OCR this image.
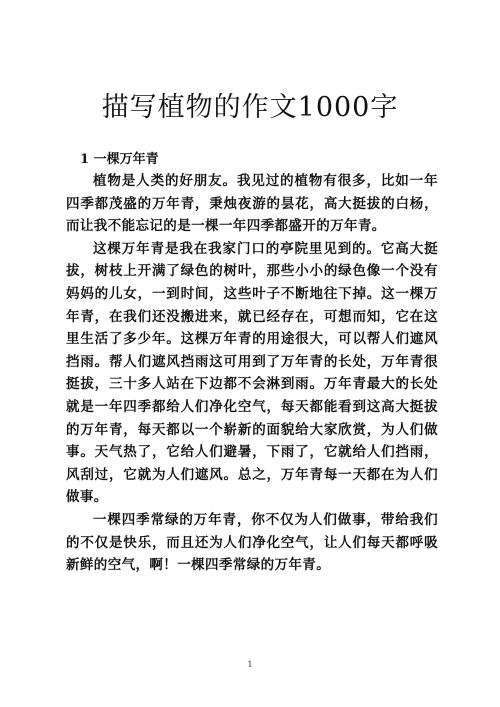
描写植物的作文1000字
1 一棵万年青

植物是人类的好朋友。我见过的植物有很多，比如一年四季都茂盛的万年青，秉烛夜游的昙花，高大挺拔的白杨，而让我不能忘记的是一棵一年四季都盛开的万年青。

这棵万年青是我在我家门口的亭院里见到的。它高大挺拔，树枝上开满了绿色的树叶，那些小小的绿色像一个没有妈妈的儿女，一到时间，这些叶子不断地往下掉。这一棵万年青，在我们还没搬进来，就已经存在，可想而知，它在这里生活了多少年。这棵万年青的用途很大，可以帮人们遮风挡雨。帮人们遮风挡雨这可用到了万年青的长处，万年青很挺拔，三十多人站在下边都不会淋到雨。万年青最大的长处就是一年四季都给人们净化空气，每天都能看到这高大挺拔的万年青，每天都以一个崭新的面貌给大家欣赏，为人们做事。天气热了，它给人们避暑，下雨了，它就给人们挡雨，风刮过，它就为人们遮风。总之，万年青每一天都在为人们做事。

一棵四季常绿的万年青，你不仅为人们做事，带给我们的不仅是快乐，而且还为人们净化空气，让人们每天都呼吸新鲜的空气，啊！一棵四季常绿的万年青。

1
